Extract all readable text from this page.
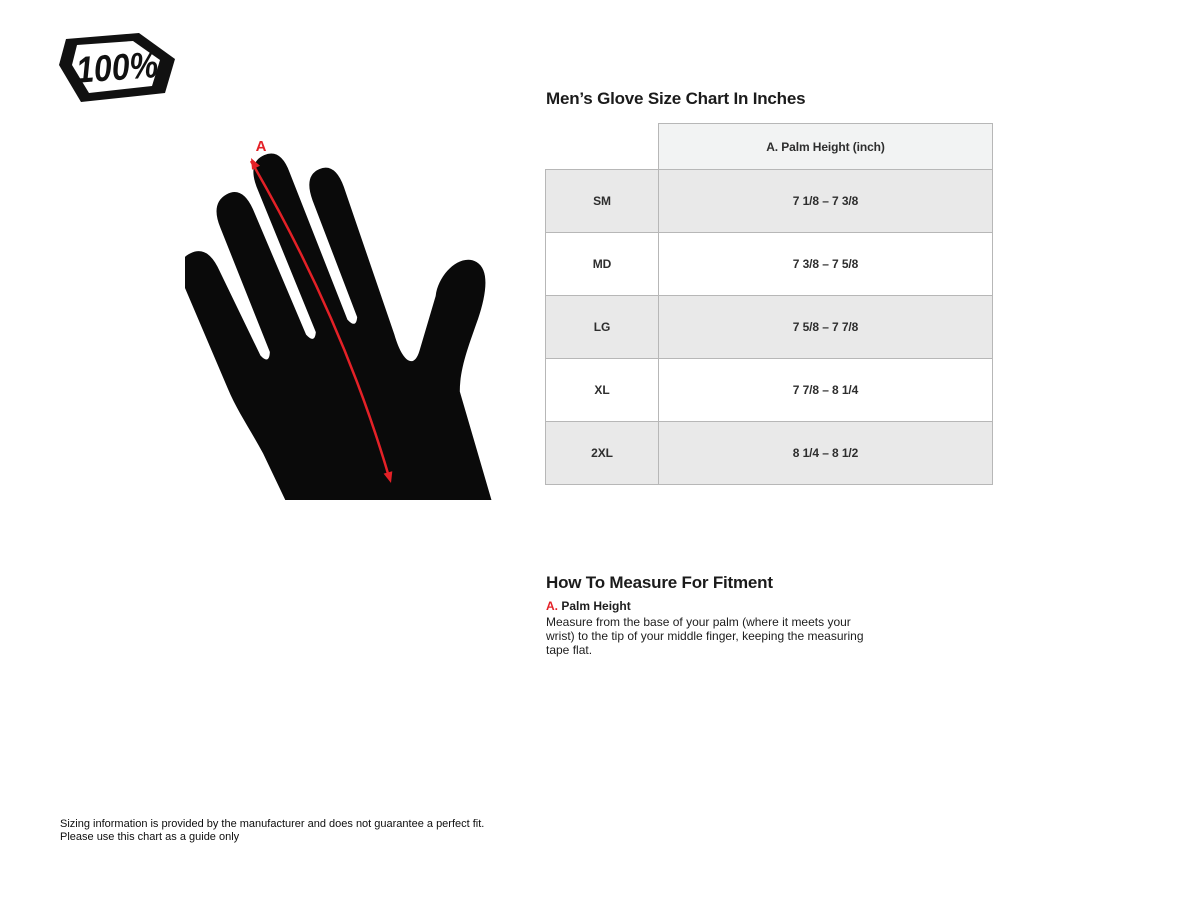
100%
A
Men’s Glove Size Chart In Inches
	A. Palm Height (inch)
SM	7 1/8 – 7 3/8
MD	7 3/8 – 7 5/8
LG	7 5/8 – 7 7/8
XL	7 7/8 – 8 1/4
2XL	8 1/4 – 8 1/2
How To Measure For Fitment
A. Palm Height
Measure from the base of your palm (where it meets your
wrist) to the tip of your middle finger, keeping the measuring
tape flat.
Sizing information is provided by the manufacturer and does not guarantee a perfect fit.
Please use this chart as a guide only
